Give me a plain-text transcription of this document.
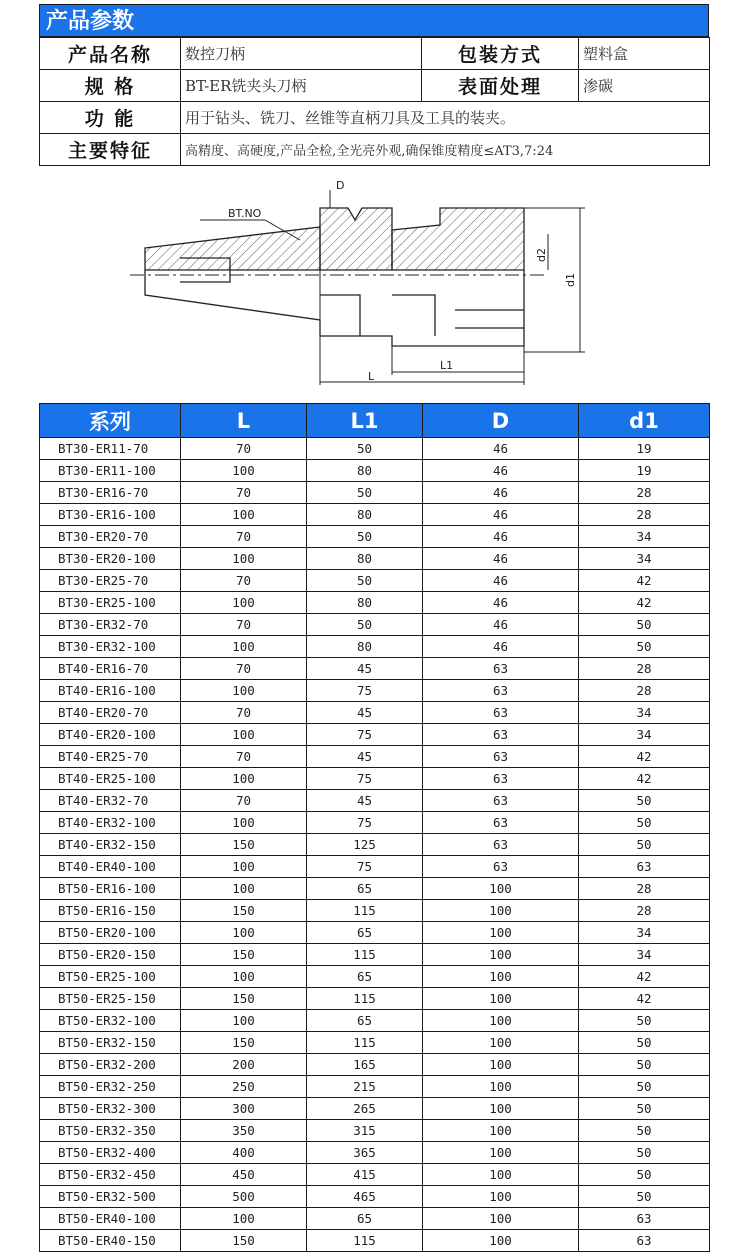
产品参数
产品名称	数控刀柄	包装方式	塑料盒
规 格	BT-ER铣夹头刀柄	表面处理	渗碳
功 能	用于钻头、铣刀、丝锥等直柄刀具及工具的装夹。		
主要特征	高精度、高硬度,产品全检,全光亮外观,确保锥度精度≤AT3,7:24		
BT.NO
D
d2
d1
L1
L
系列	L	L1	D	d1
BT30-ER11-70	70	50	46	19
BT30-ER11-100	100	80	46	19
BT30-ER16-70	70	50	46	28
BT30-ER16-100	100	80	46	28
BT30-ER20-70	70	50	46	34
BT30-ER20-100	100	80	46	34
BT30-ER25-70	70	50	46	42
BT30-ER25-100	100	80	46	42
BT30-ER32-70	70	50	46	50
BT30-ER32-100	100	80	46	50
BT40-ER16-70	70	45	63	28
BT40-ER16-100	100	75	63	28
BT40-ER20-70	70	45	63	34
BT40-ER20-100	100	75	63	34
BT40-ER25-70	70	45	63	42
BT40-ER25-100	100	75	63	42
BT40-ER32-70	70	45	63	50
BT40-ER32-100	100	75	63	50
BT40-ER32-150	150	125	63	50
BT40-ER40-100	100	75	63	63
BT50-ER16-100	100	65	100	28
BT50-ER16-150	150	115	100	28
BT50-ER20-100	100	65	100	34
BT50-ER20-150	150	115	100	34
BT50-ER25-100	100	65	100	42
BT50-ER25-150	150	115	100	42
BT50-ER32-100	100	65	100	50
BT50-ER32-150	150	115	100	50
BT50-ER32-200	200	165	100	50
BT50-ER32-250	250	215	100	50
BT50-ER32-300	300	265	100	50
BT50-ER32-350	350	315	100	50
BT50-ER32-400	400	365	100	50
BT50-ER32-450	450	415	100	50
BT50-ER32-500	500	465	100	50
BT50-ER40-100	100	65	100	63
BT50-ER40-150	150	115	100	63
